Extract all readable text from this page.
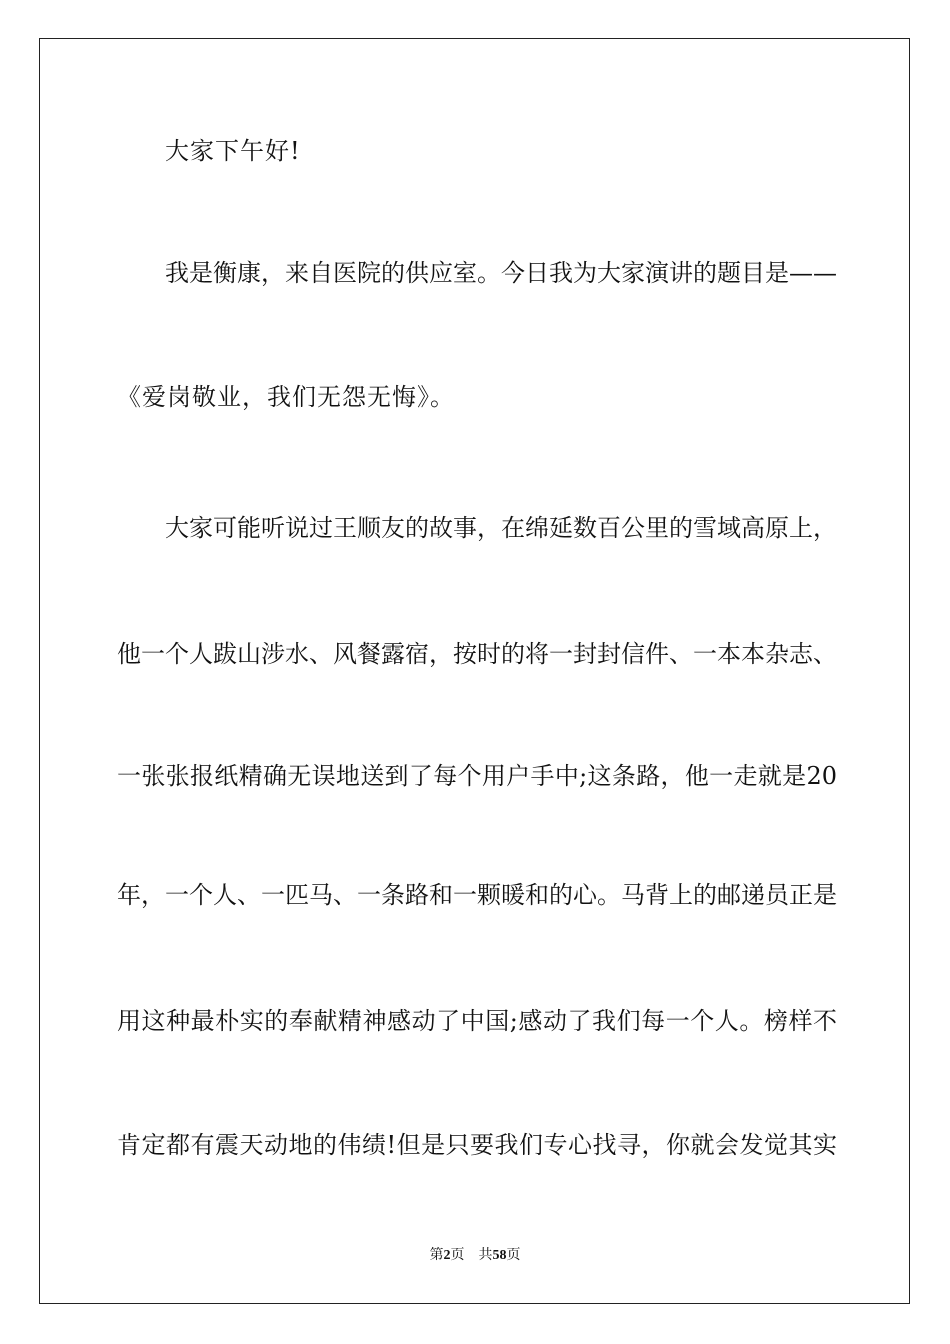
大家下午好!
我是衡康，来自医院的供应室。今日我为大家演讲的题目是——
《爱岗敬业，我们无怨无悔》。
大家可能听说过王顺友的故事，在绵延数百公里的雪域高原上，
他一个人跋山涉水、风餐露宿，按时的将一封封信件、一本本杂志、
一张张报纸精确无误地送到了每个用户手中;这条路，他一走就是20
年，一个人、一匹马、一条路和一颗暖和的心。马背上的邮递员正是
用这种最朴实的奉献精神感动了中国;感动了我们每一个人。榜样不
肯定都有震天动地的伟绩!但是只要我们专心找寻，你就会发觉其实
第2页 共58页
